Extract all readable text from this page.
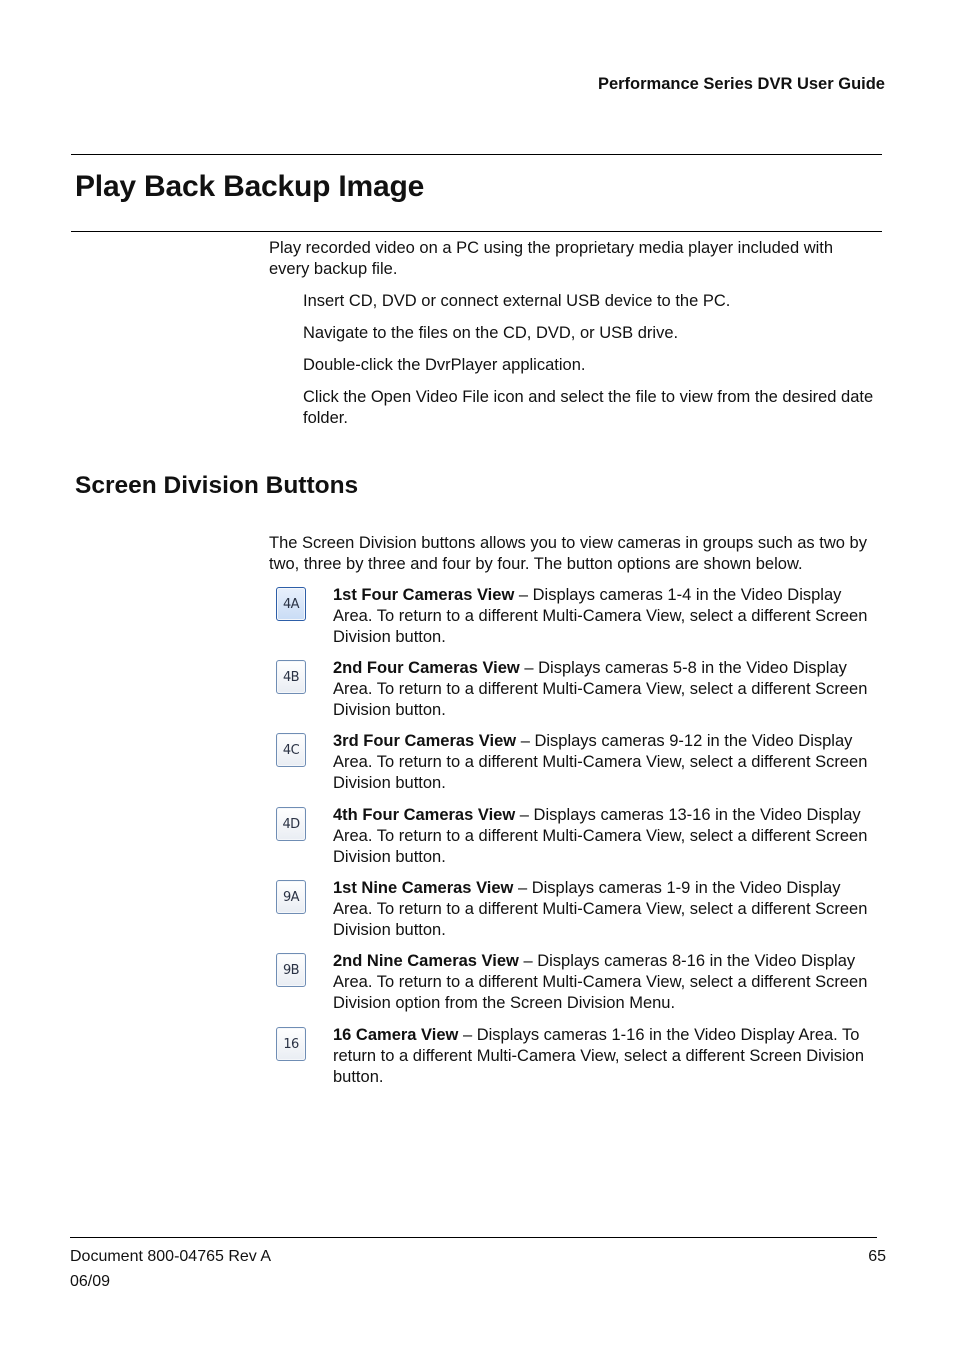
Performance Series DVR User Guide
Play Back Backup Image

Play recorded video on a PC using the proprietary media player included with every backup file.

Insert CD, DVD or connect external USB device to the PC.

Navigate to the files on the CD, DVD, or USB drive.

Double-click the DvrPlayer application.

Click the Open Video File icon and select the file to view from the desired date folder.

Screen Division Buttons

The Screen Division buttons allows you to view cameras in groups such as two by two, three by three and four by four. The button options are shown below.

4A	1st Four Cameras View – Displays cameras 1-4 in the Video Display Area. To return to a different Multi-Camera View, select a different Screen Division button.
4B	2nd Four Cameras View – Displays cameras 5-8 in the Video Display Area. To return to a different Multi-Camera View, select a different Screen Division button.
4C	3rd Four Cameras View – Displays cameras 9-12 in the Video Display Area. To return to a different Multi-Camera View, select a different Screen Division button.
4D	4th Four Cameras View – Displays cameras 13-16 in the Video Display Area. To return to a different Multi-Camera View, select a different Screen Division button.
9A	1st Nine Cameras View – Displays cameras 1-9 in the Video Display Area. To return to a different Multi-Camera View, select a different Screen Division button.
9B	2nd Nine Cameras View – Displays cameras 8-16 in the Video Display Area. To return to a different Multi-Camera View, select a different Screen Division option from the Screen Division Menu.
16	16 Camera View – Displays cameras 1-16 in the Video Display Area. To return to a different Multi-Camera View, select a different Screen Division button.
Document 800-04765 Rev A
06/09
65
